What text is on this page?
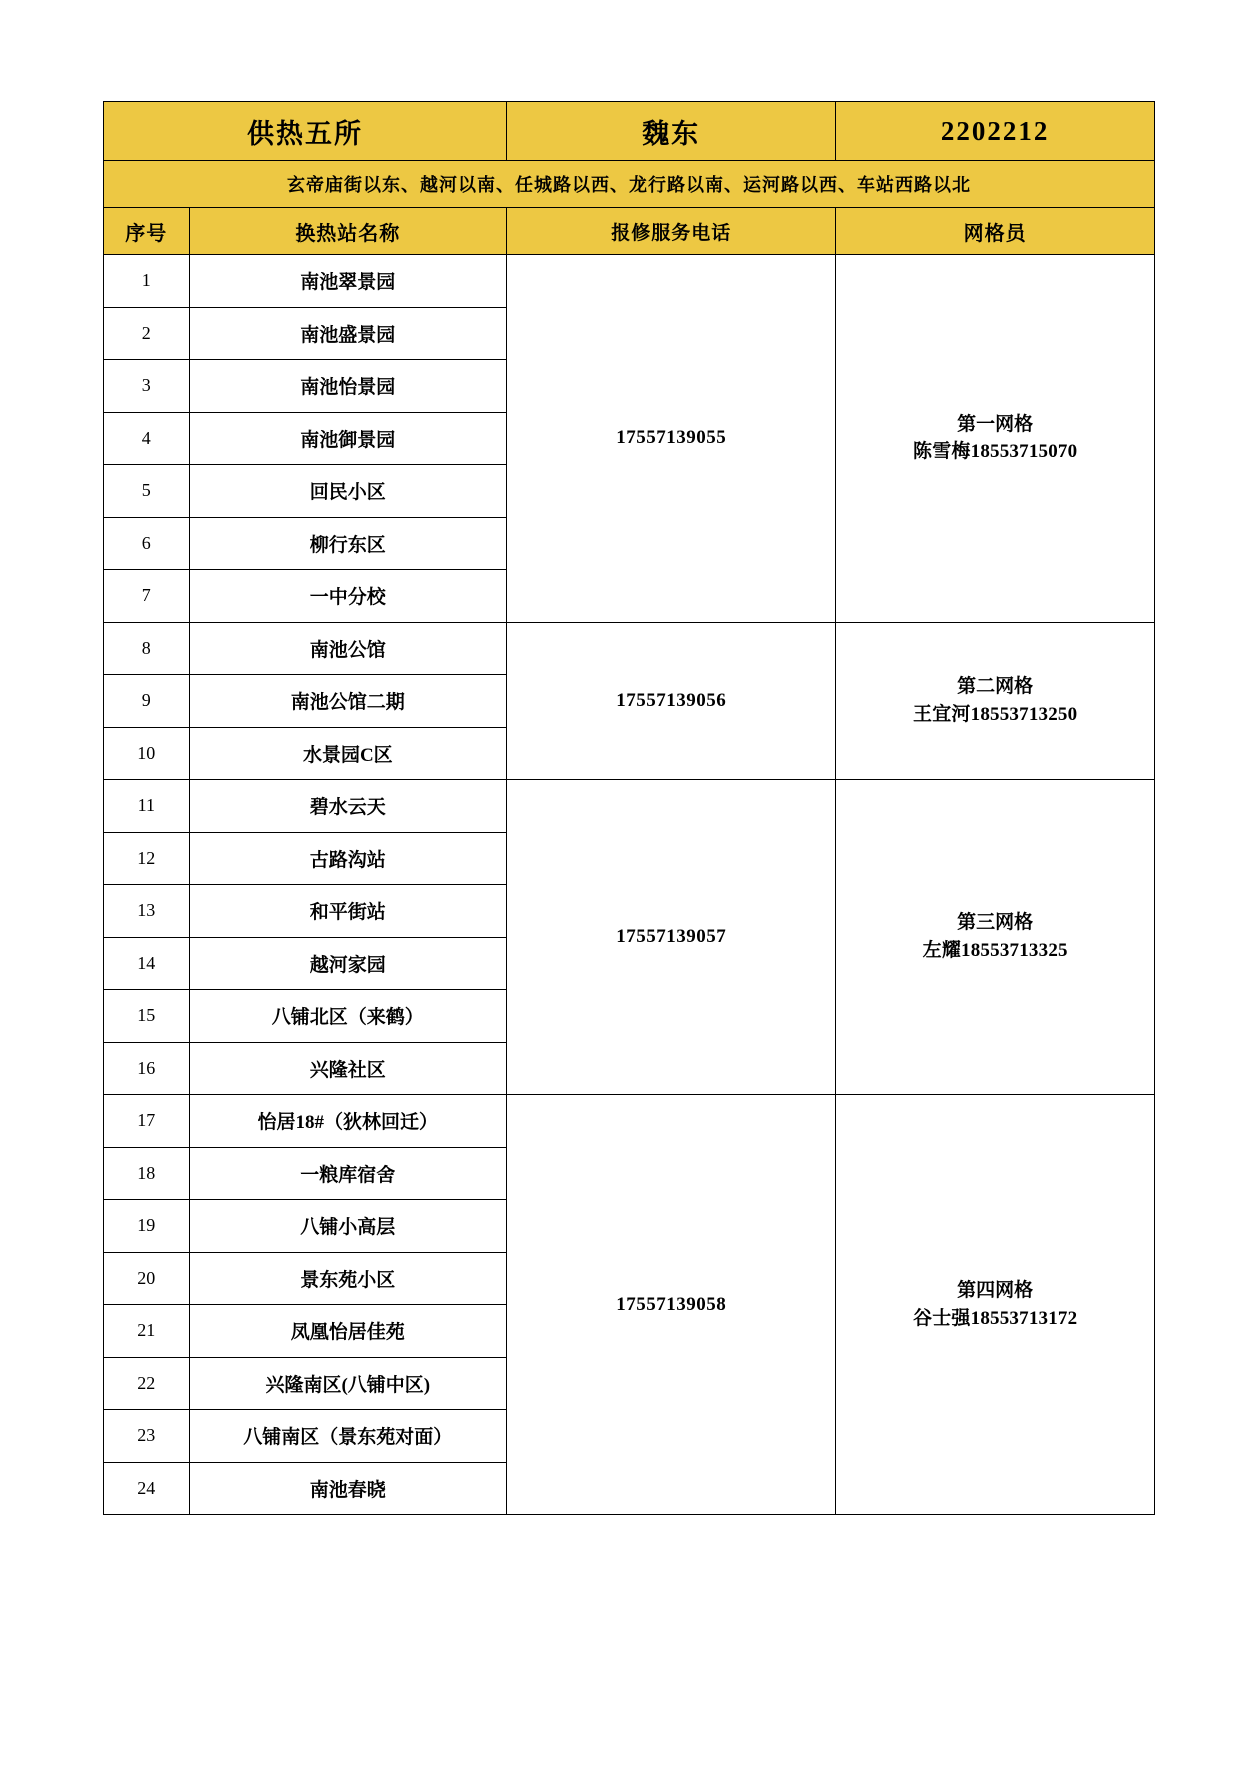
供热五所		魏东	2202212
玄帝庙街以东、越河以南、任城路以西、龙行路以南、运河路以西、车站西路以北			
序号	换热站名称	报修服务电话	网格员
1	南池翠景园	17557139055	第一网格
陈雪梅18553715070

2	南池盛景园		
3	南池怡景园		
4	南池御景园		
5	回民小区		
6	柳行东区		
7	一中分校		
8	南池公馆	17557139056	第二网格
王宜河18553713250

9	南池公馆二期		
10	水景园C区		
11	碧水云天	17557139057	第三网格
左耀18553713325

12	古路沟站		
13	和平街站		
14	越河家园		
15	八铺北区（来鹤）		
16	兴隆社区		
17	怡居18#（狄林回迁）	17557139058	第四网格
谷士强18553713172

18	一粮库宿舍		
19	八铺小高层		
20	景东苑小区		
21	凤凰怡居佳苑		
22	兴隆南区(八铺中区)		
23	八铺南区（景东苑对面）		
24	南池春晓		
